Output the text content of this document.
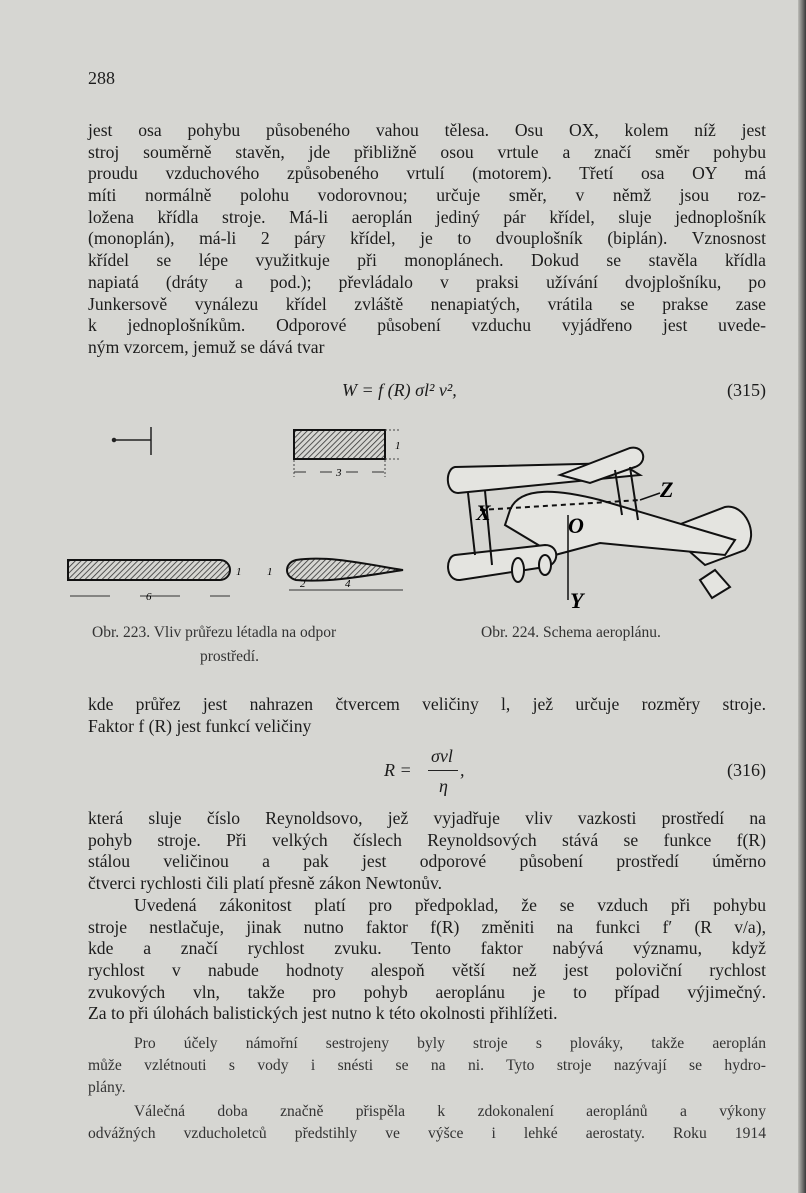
288
jest osa pohybu působeného vahou tělesa. Osu OX, kolem níž jest
stroj souměrně stavěn, jde přibližně osou vrtule a značí směr pohybu
proudu vzduchového způsobeného vrtulí (motorem). Třetí osa OY má
míti normálně polohu vodorovnou; určuje směr, v němž jsou roz-
ložena křídla stroje. Má-li aeroplán jediný pár křídel, sluje jednoplošník
(monoplán), má-li 2 páry křídel, je to dvouplošník (biplán). Vznosnost
křídel se lépe využitkuje při monoplánech. Dokud se stavěla křídla
napiatá (dráty a pod.); převládalo v praksi užívání dvojplošníku, po
Junkersově vynálezu křídel zvláště nenapiatých, vrátila se prakse zase
k jednoplošníkům. Odporové působení vzduchu vyjádřeno jest uvede-
ným vzorcem, jemuž se dává tvar
W = f (R) σl² v²,	(315)
1
3
1
6
1
2	4
X
Y
Z
O
Obr. 223. Vliv průřezu létadla na odpor
prostředí.
Obr. 224. Schema aeroplánu.
kde průřez jest nahrazen čtvercem veličiny l, jež určuje rozměry stroje.
Faktor f (R) jest funkcí veličiny
R =
σvl
η
,	(316)
která sluje číslo Reynoldsovo, jež vyjadřuje vliv vazkosti prostředí na
pohyb stroje. Při velkých číslech Reynoldsových stává se funkce f(R)
stálou veličinou a pak jest odporové působení prostředí úměrno
čtverci rychlosti čili platí přesně zákon Newtonův.
Uvedená zákonitost platí pro předpoklad, že se vzduch při pohybu
stroje nestlačuje, jinak nutno faktor f(R) změniti na funkci f′ (R v/a),
kde a značí rychlost zvuku. Tento faktor nabývá významu, když
rychlost v nabude hodnoty alespoň větší než jest poloviční rychlost
zvukových vln, takže pro pohyb aeroplánu je to případ výjimečný.
Za to při úlohách balistických jest nutno k této okolnosti přihlížeti.
Pro účely námořní sestrojeny byly stroje s plováky, takže aeroplán
může vzlétnouti s vody i snésti se na ni. Tyto stroje nazývají se hydro-
plány.
Válečná doba značně přispěla k zdokonalení aeroplánů a výkony
odvážných vzducholetců předstihly ve výšce i lehké aerostaty. Roku 1914
